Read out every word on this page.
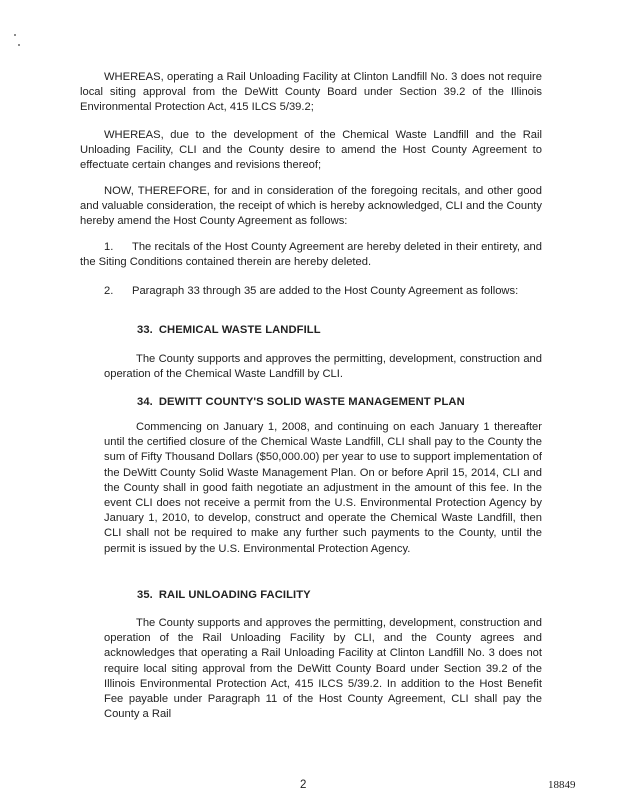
WHEREAS, operating a Rail Unloading Facility at Clinton Landfill No. 3 does not require local siting approval from the DeWitt County Board under Section 39.2 of the Illinois Environmental Protection Act, 415 ILCS 5/39.2;

WHEREAS, due to the development of the Chemical Waste Landfill and the Rail Unloading Facility, CLI and the County desire to amend the Host County Agreement to effectuate certain changes and revisions thereof;

NOW, THEREFORE, for and in consideration of the foregoing recitals, and other good and valuable consideration, the receipt of which is hereby acknowledged, CLI and the County hereby amend the Host County Agreement as follows:

1. The recitals of the Host County Agreement are hereby deleted in their entirety, and the Siting Conditions contained therein are hereby deleted.

2. Paragraph 33 through 35 are added to the Host County Agreement as follows:

33. CHEMICAL WASTE LANDFILL

The County supports and approves the permitting, development, construction and operation of the Chemical Waste Landfill by CLI.

34. DEWITT COUNTY'S SOLID WASTE MANAGEMENT PLAN

Commencing on January 1, 2008, and continuing on each January 1 thereafter until the certified closure of the Chemical Waste Landfill, CLI shall pay to the County the sum of Fifty Thousand Dollars ($50,000.00) per year to use to support implementation of the DeWitt County Solid Waste Management Plan. On or before April 15, 2014, CLI and the County shall in good faith negotiate an adjustment in the amount of this fee. In the event CLI does not receive a permit from the U.S. Environmental Protection Agency by January 1, 2010, to develop, construct and operate the Chemical Waste Landfill, then CLI shall not be required to make any further such payments to the County, until the permit is issued by the U.S. Environmental Protection Agency.

35. RAIL UNLOADING FACILITY

The County supports and approves the permitting, development, construction and operation of the Rail Unloading Facility by CLI, and the County agrees and acknowledges that operating a Rail Unloading Facility at Clinton Landfill No. 3 does not require local siting approval from the DeWitt County Board under Section 39.2 of the Illinois Environmental Protection Act, 415 ILCS 5/39.2. In addition to the Host Benefit Fee payable under Paragraph 11 of the Host County Agreement, CLI shall pay the County a Rail

2	18849
